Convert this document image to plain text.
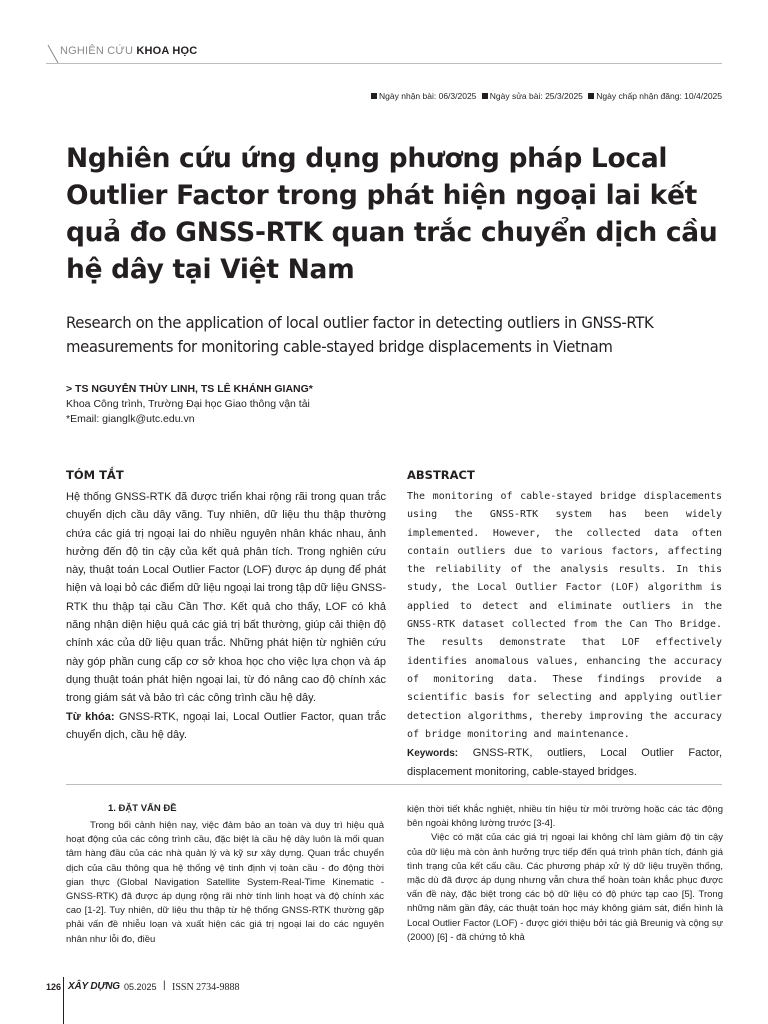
NGHIÊN CỨU KHOA HỌC
Ngày nhận bài: 06/3/2025 Ngày sửa bài: 25/3/2025 Ngày chấp nhận đăng: 10/4/2025
Nghiên cứu ứng dụng phương pháp Local Outlier Factor trong phát hiện ngoại lai kết quả đo GNSS-RTK quan trắc chuyển dịch cầu hệ dây tại Việt Nam
Research on the application of local outlier factor in detecting outliers in GNSS-RTK measurements for monitoring cable-stayed bridge displacements in Vietnam
> TS NGUYỄN THÙY LINH, TS LÊ KHÁNH GIANG*
Khoa Công trình, Trường Đại học Giao thông vận tải
*Email: gianglk@utc.edu.vn
TÓM TẮT	ABSTRACT
Hệ thống GNSS-RTK đã được triển khai rộng rãi trong quan trắc chuyển dịch cầu dây văng. Tuy nhiên, dữ liệu thu thập thường chứa các giá trị ngoại lai do nhiều nguyên nhân khác nhau, ảnh hưởng đến độ tin cậy của kết quả phân tích. Trong nghiên cứu này, thuật toán Local Outlier Factor (LOF) được áp dụng để phát hiện và loại bỏ các điểm dữ liệu ngoại lai trong tập dữ liệu GNSS-RTK thu thập tại cầu Cần Thơ. Kết quả cho thấy, LOF có khả năng nhận diện hiệu quả các giá trị bất thường, giúp cải thiện độ chính xác của dữ liệu quan trắc. Những phát hiện từ nghiên cứu này góp phần cung cấp cơ sở khoa học cho việc lựa chọn và áp dụng thuật toán phát hiện ngoại lai, từ đó nâng cao độ chính xác trong giám sát và bảo trì các công trình cầu hệ dây.
Từ khóa: GNSS-RTK, ngoại lai, Local Outlier Factor, quan trắc chuyển dịch, cầu hệ dây.
The monitoring of cable-stayed bridge displacements using the GNSS-RTK system has been widely implemented. However, the collected data often contain outliers due to various factors, affecting the reliability of the analysis results. In this study, the Local Outlier Factor (LOF) algorithm is applied to detect and eliminate outliers in the GNSS-RTK dataset collected from the Can Tho Bridge. The results demonstrate that LOF effectively identifies anomalous values, enhancing the accuracy of monitoring data. These findings provide a scientific basis for selecting and applying outlier detection algorithms, thereby improving the accuracy of bridge monitoring and maintenance.
Keywords: GNSS-RTK, outliers, Local Outlier Factor, displacement monitoring, cable-stayed bridges.
1. ĐẶT VẤN ĐỀ
Trong bối cảnh hiện nay, việc đảm bảo an toàn và duy trì hiệu quả hoạt động của các công trình cầu, đặc biệt là cầu hệ dây luôn là mối quan tâm hàng đầu của các nhà quản lý và kỹ sư xây dựng. Quan trắc chuyển dịch của cầu thông qua hệ thống vệ tinh định vị toàn cầu - đo động thời gian thực (Global Navigation Satellite System-Real-Time Kinematic - GNSS-RTK) đã được áp dụng rộng rãi nhờ tính linh hoạt và độ chính xác cao [1-2]. Tuy nhiên, dữ liệu thu thập từ hệ thống GNSS-RTK thường gặp phải vấn đề nhiễu loạn và xuất hiện các giá trị ngoại lai do các nguyên nhân như lỗi đo, điều

kiện thời tiết khắc nghiệt, nhiều tín hiệu từ môi trường hoặc các tác động bên ngoài không lường trước [3-4].

Việc có mặt của các giá trị ngoại lai không chỉ làm giảm độ tin cậy của dữ liệu mà còn ảnh hưởng trực tiếp đến quá trình phân tích, đánh giá tình trạng của kết cấu cầu. Các phương pháp xử lý dữ liệu truyền thống, mặc dù đã được áp dụng nhưng vẫn chưa thể hoàn toàn khắc phục được vấn đề này, đặc biệt trong các bộ dữ liệu có độ phức tạp cao [5]. Trong những năm gần đây, các thuật toán học máy không giám sát, điển hình là Local Outlier Factor (LOF) - được giới thiệu bởi tác giả Breunig và cộng sự (2000) [6] - đã chứng tỏ khả

126 XÂY DỰNG 05.2025 | ISSN 2734-9888
